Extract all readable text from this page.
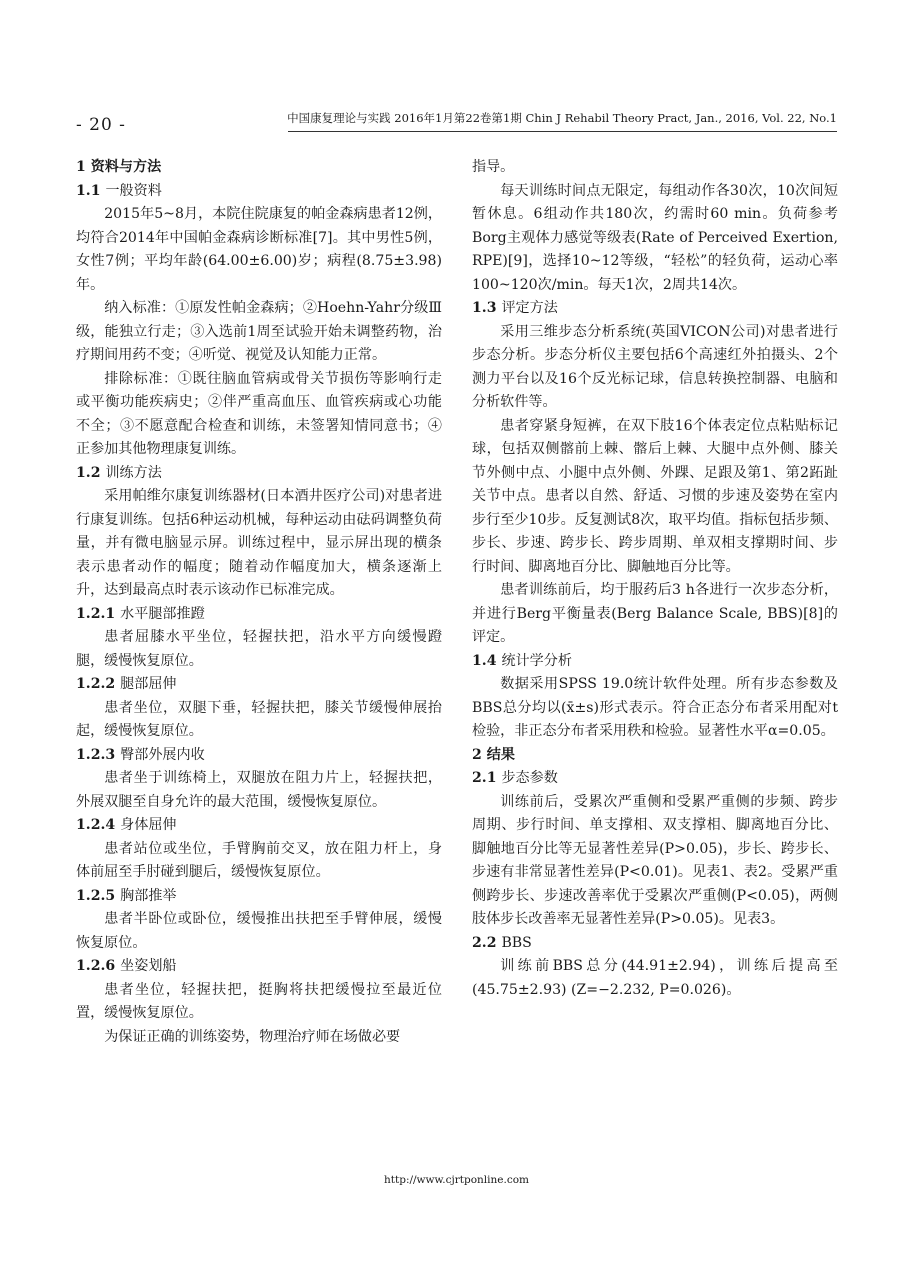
- 20 -	中国康复理论与实践 2016年1月第22卷第1期 Chin J Rehabil Theory Pract, Jan., 2016, Vol. 22, No.1
1 资料与方法
1.1 一般资料

2015年5~8月，本院住院康复的帕金森病患者12例，均符合2014年中国帕金森病诊断标准[7]。其中男性5例，女性7例；平均年龄(64.00±6.00)岁；病程(8.75±3.98)年。

纳入标准：①原发性帕金森病；②Hoehn-Yahr分级Ⅲ级，能独立行走；③入选前1周至试验开始未调整药物，治疗期间用药不变；④听觉、视觉及认知能力正常。

排除标准：①既往脑血管病或骨关节损伤等影响行走或平衡功能疾病史；②伴严重高血压、血管疾病或心功能不全；③不愿意配合检查和训练，未签署知情同意书；④正参加其他物理康复训练。

1.2 训练方法

采用帕维尔康复训练器材(日本酒井医疗公司)对患者进行康复训练。包括6种运动机械，每种运动由砝码调整负荷量，并有微电脑显示屏。训练过程中，显示屏出现的横条表示患者动作的幅度；随着动作幅度加大，横条逐渐上升，达到最高点时表示该动作已标准完成。

1.2.1 水平腿部推蹬

患者屈膝水平坐位，轻握扶把，沿水平方向缓慢蹬腿，缓慢恢复原位。

1.2.2 腿部屈伸

患者坐位，双腿下垂，轻握扶把，膝关节缓慢伸展抬起，缓慢恢复原位。

1.2.3 臀部外展内收

患者坐于训练椅上，双腿放在阻力片上，轻握扶把，外展双腿至自身允许的最大范围，缓慢恢复原位。

1.2.4 身体屈伸

患者站位或坐位，手臂胸前交叉，放在阻力杆上，身体前屈至手肘碰到腿后，缓慢恢复原位。

1.2.5 胸部推举

患者半卧位或卧位，缓慢推出扶把至手臂伸展，缓慢恢复原位。

1.2.6 坐姿划船

患者坐位，轻握扶把，挺胸将扶把缓慢拉至最近位置，缓慢恢复原位。

为保证正确的训练姿势，物理治疗师在场做必要

指导。

每天训练时间点无限定，每组动作各30次，10次间短暂休息。6组动作共180次，约需时60 min。负荷参考Borg主观体力感觉等级表(Rate of Perceived Exertion, RPE)[9]，选择10~12等级，“轻松”的轻负荷，运动心率100~120次/min。每天1次，2周共14次。

1.3 评定方法

采用三维步态分析系统(英国VICON公司)对患者进行步态分析。步态分析仪主要包括6个高速红外拍摄头、2个测力平台以及16个反光标记球，信息转换控制器、电脑和分析软件等。

患者穿紧身短裤，在双下肢16个体表定位点粘贴标记球，包括双侧髂前上棘、髂后上棘、大腿中点外侧、膝关节外侧中点、小腿中点外侧、外踝、足跟及第1、第2跖趾关节中点。患者以自然、舒适、习惯的步速及姿势在室内步行至少10步。反复测试8次，取平均值。指标包括步频、步长、步速、跨步长、跨步周期、单双相支撑期时间、步行时间、脚离地百分比、脚触地百分比等。

患者训练前后，均于服药后3 h各进行一次步态分析，并进行Berg平衡量表(Berg Balance Scale, BBS)[8]的评定。

1.4 统计学分析

数据采用SPSS 19.0统计软件处理。所有步态参数及BBS总分均以(x̄±s)形式表示。符合正态分布者采用配对t检验，非正态分布者采用秩和检验。显著性水平α=0.05。

2 结果
2.1 步态参数

训练前后，受累次严重侧和受累严重侧的步频、跨步周期、步行时间、单支撑相、双支撑相、脚离地百分比、脚触地百分比等无显著性差异(P>0.05)，步长、跨步长、步速有非常显著性差异(P<0.01)。见表1、表2。受累严重侧跨步长、步速改善率优于受累次严重侧(P<0.05)，两侧肢体步长改善率无显著性差异(P>0.05)。见表3。

2.2 BBS

训练前BBS总分(44.91±2.94)，训练后提高至(45.75±2.93) (Z=−2.232, P=0.026)。

http://www.cjrtponline.com
